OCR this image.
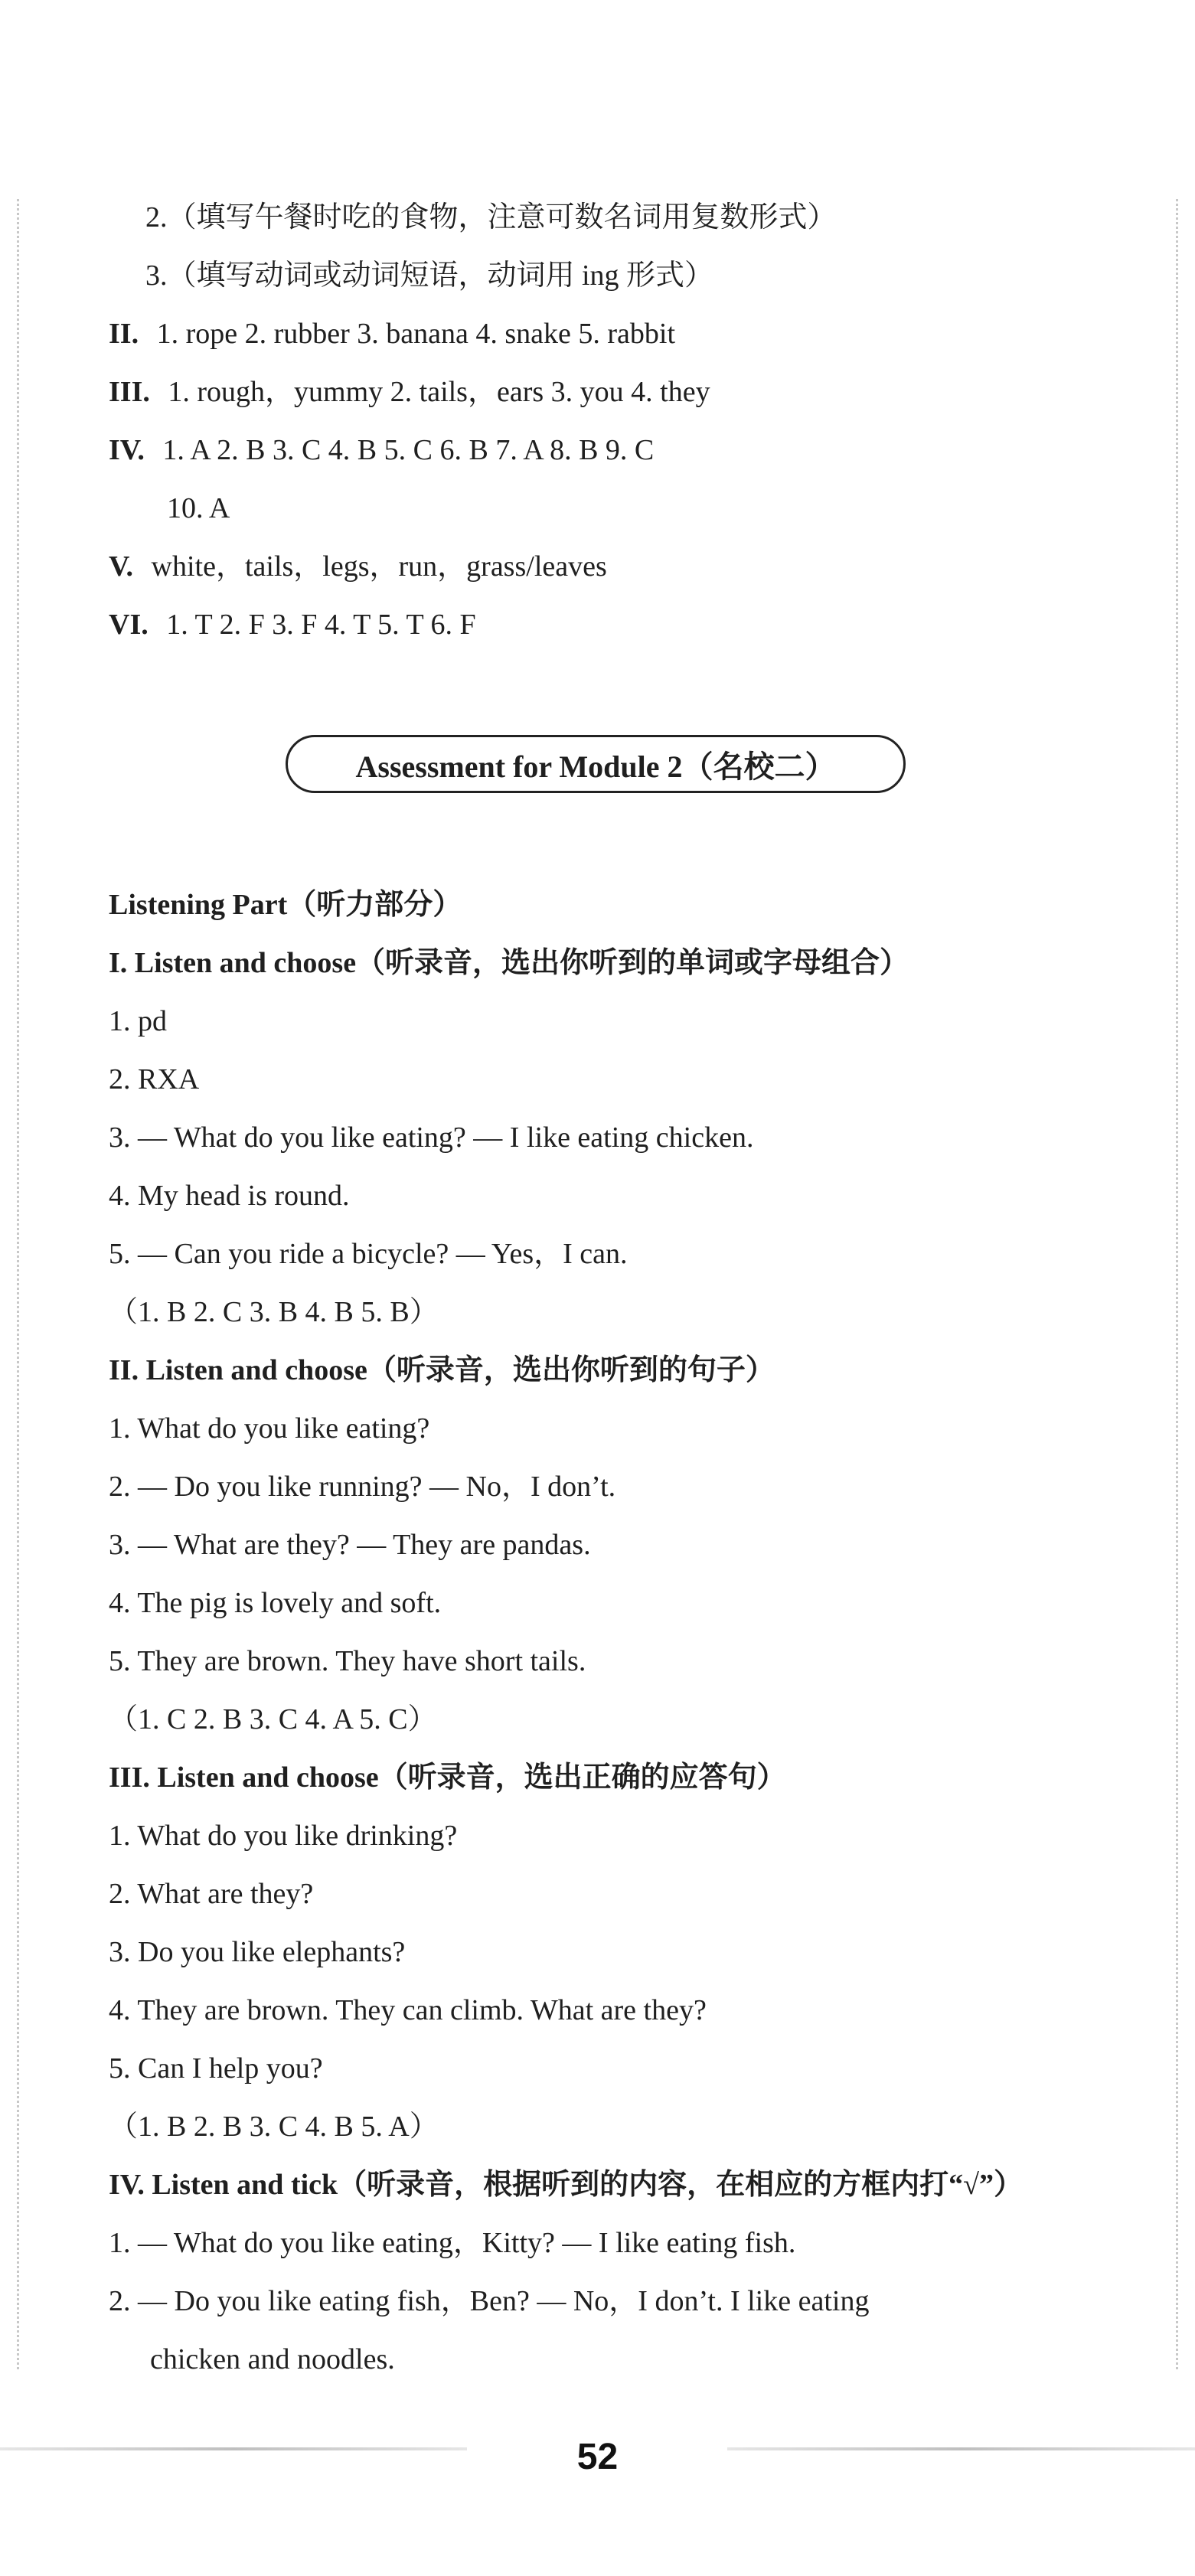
2.（填写午餐时吃的食物，注意可数名词用复数形式）
3.（填写动词或动词短语，动词用 ing 形式）
II. 1. rope 2. rubber 3. banana 4. snake 5. rabbit
III. 1. rough，yummy 2. tails，ears 3. you 4. they
IV. 1. A 2. B 3. C 4. B 5. C 6. B 7. A 8. B 9. C
10. A
V. white，tails，legs，run，grass/leaves
VI. 1. T 2. F 3. F 4. T 5. T 6. F
Assessment for Module 2（名校二）
Listening Part（听力部分）
I. Listen and choose（听录音，选出你听到的单词或字母组合）
1. pd
2. RXA
3. — What do you like eating? — I like eating chicken.
4. My head is round.
5. — Can you ride a bicycle? — Yes，I can.
（1. B 2. C 3. B 4. B 5. B）
II. Listen and choose（听录音，选出你听到的句子）
1. What do you like eating?
2. — Do you like running? — No，I don’t.
3. — What are they? — They are pandas.
4. The pig is lovely and soft.
5. They are brown. They have short tails.
（1. C 2. B 3. C 4. A 5. C）
III. Listen and choose（听录音，选出正确的应答句）
1. What do you like drinking?
2. What are they?
3. Do you like elephants?
4. They are brown. They can climb. What are they?
5. Can I help you?
（1. B 2. B 3. C 4. B 5. A）
IV. Listen and tick（听录音，根据听到的内容，在相应的方框内打“√”）
1. — What do you like eating，Kitty? — I like eating fish.
2. — Do you like eating fish，Ben? — No，I don’t. I like eating
chicken and noodles.
52
